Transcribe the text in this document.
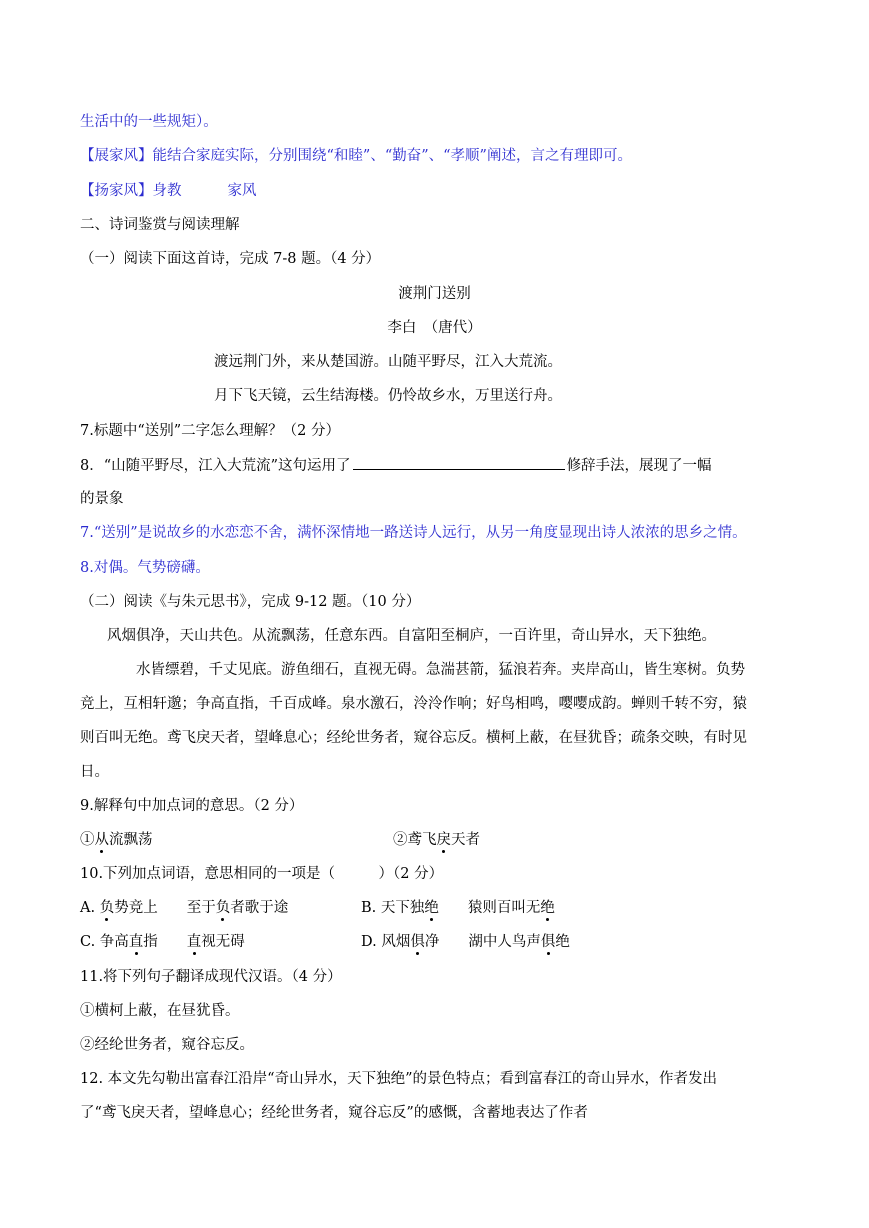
生活中的一些规矩）。
【展家风】能结合家庭实际，分别围绕“和睦”、“勤奋”、“孝顺”阐述，言之有理即可。
【扬家风】身教	家风
二、诗词鉴赏与阅读理解
（一）阅读下面这首诗，完成 7-8 题。（4 分）
渡荆门送别
李白　（唐代）
渡远荆门外，来从楚国游。山随平野尽，江入大荒流。
月下飞天镜，云生结海楼。仍怜故乡水，万里送行舟。
7.标题中“送别”二字怎么理解？（2 分）
8．“山随平野尽，江入大荒流”这句运用了	修辞手法，展现了一幅
的景象
7.“送别”是说故乡的水恋恋不舍，满怀深情地一路送诗人远行，从另一角度显现出诗人浓浓的思乡之情。
8.对偶。气势磅礴。
（二）阅读《与朱元思书》，完成 9-12 题。（10 分）
风烟俱净，天山共色。从流飘荡，任意东西。自富阳至桐庐，一百许里，奇山异水，天下独绝。
水皆缥碧，千丈见底。游鱼细石，直视无碍。急湍甚箭，猛浪若奔。夹岸高山，皆生寒树。负势
竞上，互相轩邈；争高直指，千百成峰。泉水激石，泠泠作响；好鸟相鸣，嘤嘤成韵。蝉则千转不穷，猿
则百叫无绝。鸢飞戾天者，望峰息心；经纶世务者，窥谷忘反。横柯上蔽，在昼犹昏；疏条交映，有时见
日。
9.解释句中加点词的意思。（2 分）
①从流飘荡	②鸢飞戾天者
10.下列加点词语，意思相同的一项是（　　　）（2 分）
A. 负势竞上　　至于负者歌于途	B. 天下独绝　　猿则百叫无绝
C. 争高直指　　直视无碍	D. 风烟俱净　　湖中人鸟声俱绝
11.将下列句子翻译成现代汉语。（4 分）
①横柯上蔽，在昼犹昏。
②经纶世务者，窥谷忘反。
12. 本文先勾勒出富春江沿岸“奇山异水，天下独绝”的景色特点；看到富春江的奇山异水，作者发出
了“鸢飞戾天者，望峰息心；经纶世务者，窥谷忘反”的感慨，含蓄地表达了作者
